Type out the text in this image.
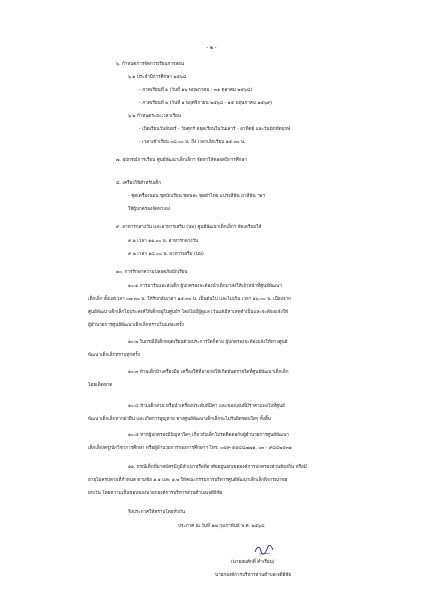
- ๒ -
๖. กำหนดการจัดการเรียนการสอน
๖.๑ ประจำปีการศึกษา ๒๕๖๘
- ภาคเรียนที่ ๑ (วันที่ ๑๖ พฤษภาคม - ๓๑ ตุลาคม ๒๕๖๘)
- ภาคเรียนที่ ๒ (วันที่ ๑ พฤศจิกายน ๒๕๖๘ - ๑๕ พฤษภาคม ๒๕๖๙)
๖.๒ กำหนดระยะเวลาเรียน
- เปิดเรียนวันจันทร์ - วันศุกร์ หยุดเรียนในวันเสาร์ - อาทิตย์ และวันนักขัตฤกษ์
- เวลาเข้าเรียน ๐๘.๐๐ น. ถึง เวลาเลิกเรียน ๑๕.๓๐ น.
๗. อุปกรณ์การเรียน ศูนย์พัฒนาเด็กเล็กฯ จัดหาให้ตลอดปีการศึกษา
๘. เครื่องใช้สำหรับเด็ก
- ชุดเครื่องนอน ชุดนักเรียน ชุดพละ ชุดผ้าไทย แปรงสีฟัน ยาสีฟัน ฯลฯ
ให้ผู้ปกครองจัดหาเอง
๙. อาหารกลางวัน และอาหารเสริม (นม) ศูนย์พัฒนาเด็กเล็กฯ จัดเตรียมให้
๙.๑ เวลา ๑๑.๐๐ น. อาหารกลางวัน
๙.๒ เวลา ๑๔.๐๐ น. อาหารเสริม (นม)
๑๐. การรักษาความปลอดภัยนักเรียน
๑๐.๑ การมารับและส่งเด็ก ผู้ปกครองจะต้องนำเด็กมาส่งให้เจ้าหน้าที่ศูนย์พัฒนา
เด็กเล็ก ตั้งแต่เวลา ๐๗.๓๐ น. ให้รับกลับเวลา ๑๕.๓๐ น. เป็นต้นไป และไม่เกิน เวลา ๑๖.๐๐ น. เนื่องจาก
ศูนย์พัฒนาเด็กเล็กไม่ประสงค์ให้เด็กอยู่ในศูนย์ฯ โดยไม่มีผู้ดูแล เว้นแต่มีหาเหตุจำเป็นและจะต้องแจ้งให้
ผู้อำนวยการศูนย์พัฒนาเด็กเล็กทราบในแต่ละครั้ง
๑๐.๒ ในกรณีที่เด็กหยุดเรียนด้วยประการใดก็ตาม ผู้ปกครองจะต้องแจ้งให้ทางศูนย์
พัฒนาเด็กเล็กทราบทุกครั้ง
๑๐.๓ ห้ามเด็กนำเครื่องมือ เครื่องใช้ที่อาจก่อให้เกิดอันตรายใดที่ศูนย์พัฒนาเด็กเล็ก
โดยเด็ดขาด
๑๐.๔ ห้ามเด็กสวม หรือนำเครื่องประดับที่มีค่า และของเล่นที่มีราคาแพงไปที่ศูนย์
พัฒนาเด็กเล็กหากฝ่าฝืน และเกิดการสูญหาย ทางศูนย์พัฒนาเด็กเล็กจะไม่รับผิดชอบใดๆ ทั้งสิ้น
๑๐.๕ หากผู้ปกครองมีปัญหาใดๆ เกี่ยวกับเด็กโปรดติดต่อกับผู้อำนวยการศูนย์พัฒนา
เด็กเล็ก/ครู/นักวิชาการศึกษา หรือผู้อำนวยการกองการศึกษาฯ โทร. ๐๕๙-๕๕๔๘๗๗๑, ๐๓ - ๙๘๔๒๕๓๑
๑๑. กรณีเด็กที่มาสมัครมีภูมิลำเนาหรือที่อาศัยอยู่นอกเขตองค์การปกครองส่วนท้องถิ่น หรือมี
อายุไม่ครบตามที่กำหนด ตามข้อ ๑.๑ และ ๑.๒ ให้คณะกรรมการบริหารศูนย์พัฒนาเด็กเล็กพิจารณาขอ
ยกเว้น โดยความเห็นชอบของนายกองค์การบริหารส่วนตำบลเจดีย์ชัย
จึงประกาศให้ทราบโดยทั่วกัน
ประกาศ ณ วันที่ ๑๗ กุมภาพันธ์ พ.ศ. ๒๕๖๘
(นายสมศักดิ์ คำเรือน)
นายกองค์การบริหารส่วนตำบลเจดีย์ชัย
